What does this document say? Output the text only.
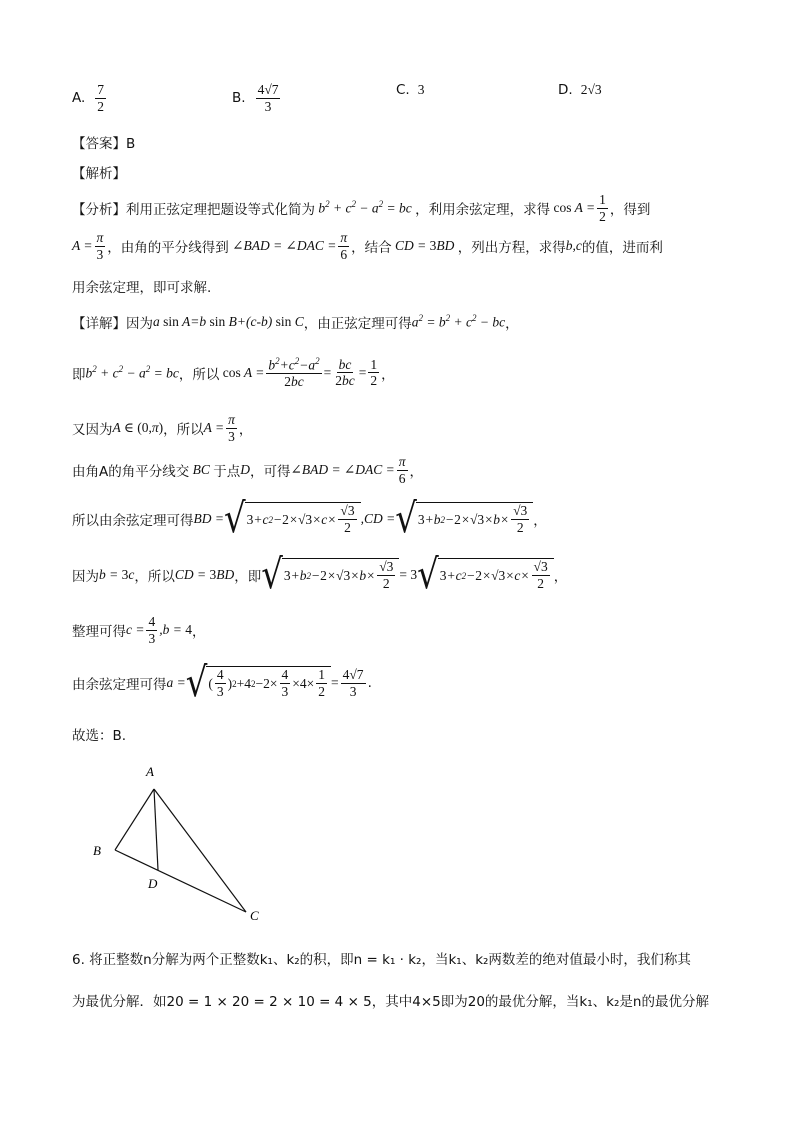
A. $\frac{7}{2}$	B. $\frac{4√7}{3}$	C. 3	D. 2√3
【答案】B
【解析】
【分析】 利用正弦定理把题设等式化简为 $b^2 + c^2 - a^2$ = bc ，利用余弦定理，求得 $\cos A = \frac{1}{2}$ ，得到
$A = \frac{\pi}{3}$ ，由角的平分线得到 ∠BAD = ∠DAC = $\frac{\pi}{6}$ ，结合 CD = 3BD ，列出方程，求得 b,c 的值，进而利
用余弦定理，即可求解.
【详解】 因为 a sin A=b sin B+(c-b) sin C ，由正弦定理可得 $a^2 = b^2 + c^2$ − bc ，
即 $b^2 + c^2 - a^2$ = bc ，所以 $\cos A = \frac{b^2+c^2-a^2}{2bc} = \frac{bc}{2bc} = \frac{1}{2}$ ，
又因为 A ∈ (0,π) ，所以 $A = \frac{\pi}{3}$ ，
由角A的角平分线交 BC 于点 D ，可得 ∠BAD = ∠DAC = $\frac{\pi}{6}$ ，
所以由余弦定理可得 BD = √ 3 +c 2 − 2 ×√ $3 \times c\times \frac{√3}{2} ,CD$ = √ 3 +b 2 − 2 ×√ $3 \times b\times \frac{√3}{2}$ ，
因为 b = 3c ，所以 CD = 3BD ，即 √ 3 +b 2 − 2 ×√ $3 \times b\times \frac{√3}{2} = 3$ √ 3 +c 2 − 2 ×√ $3 \times c\times \frac{√3}{2}$ ，
整理可得 $c = \frac{4}{3} ,b = 4$ ，
由余弦定理可得 a = √ ( $\frac{4}{3}$ ) 2 +4 $2 -2\times \frac{4}{3} \times 4\times \frac{1}{2} = \frac{4√7}{3}$ .
故选：B.
A
B
D
C
6. 将正整数n分解为两个正整数k₁、k₂的积，即n = k₁ · k₂，当k₁、k₂两数差的绝对值最小时，我们称其
为最优分解．如20 = 1 × 20 = 2 × 10 = 4 × 5，其中4×5即为20的最优分解，当k₁、k₂是n的最优分解
